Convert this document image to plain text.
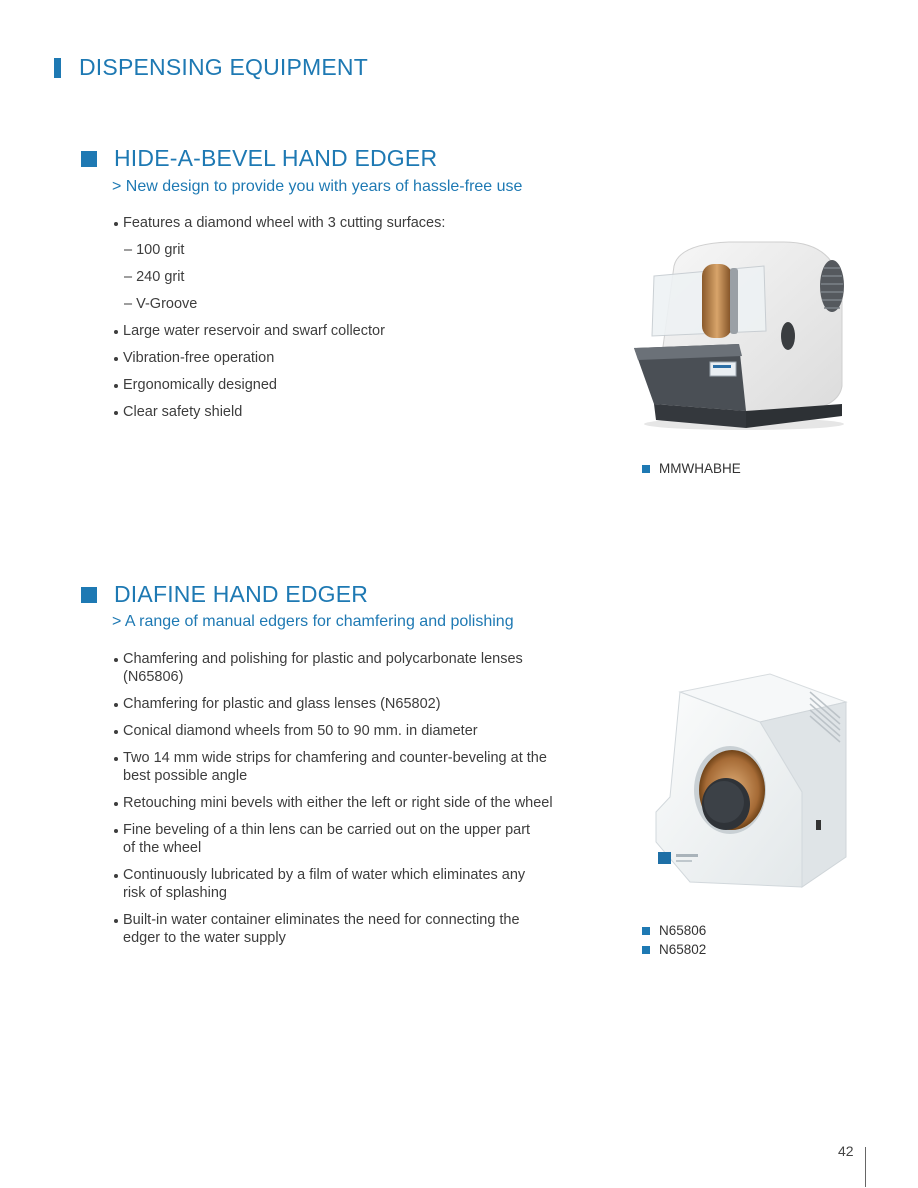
DISPENSING EQUIPMENT
HIDE-A-BEVEL HAND EDGER
> New design to provide you with years of hassle-free use
Features a diamond wheel with 3 cutting surfaces:
– 100 grit
– 240 grit
– V-Groove
Large water reservoir and swarf collector
Vibration-free operation
Ergonomically designed
Clear safety shield
MMWHABHE
DIAFINE HAND EDGER
> A range of manual edgers for chamfering and polishing
Chamfering and polishing for plastic and polycarbonate lenses (N65806)
Chamfering for plastic and glass lenses (N65802)
Conical diamond wheels from 50 to 90 mm. in diameter
Two 14 mm wide strips for chamfering and counter-beveling at the best possible angle
Retouching mini bevels with either the left or right side of the wheel
Fine beveling of a thin lens can be carried out on the upper part of the wheel
Continuously lubricated by a film of water which eliminates any risk of splashing
Built-in water container eliminates the need for connecting the edger to the water supply	N65806
N65802
42
